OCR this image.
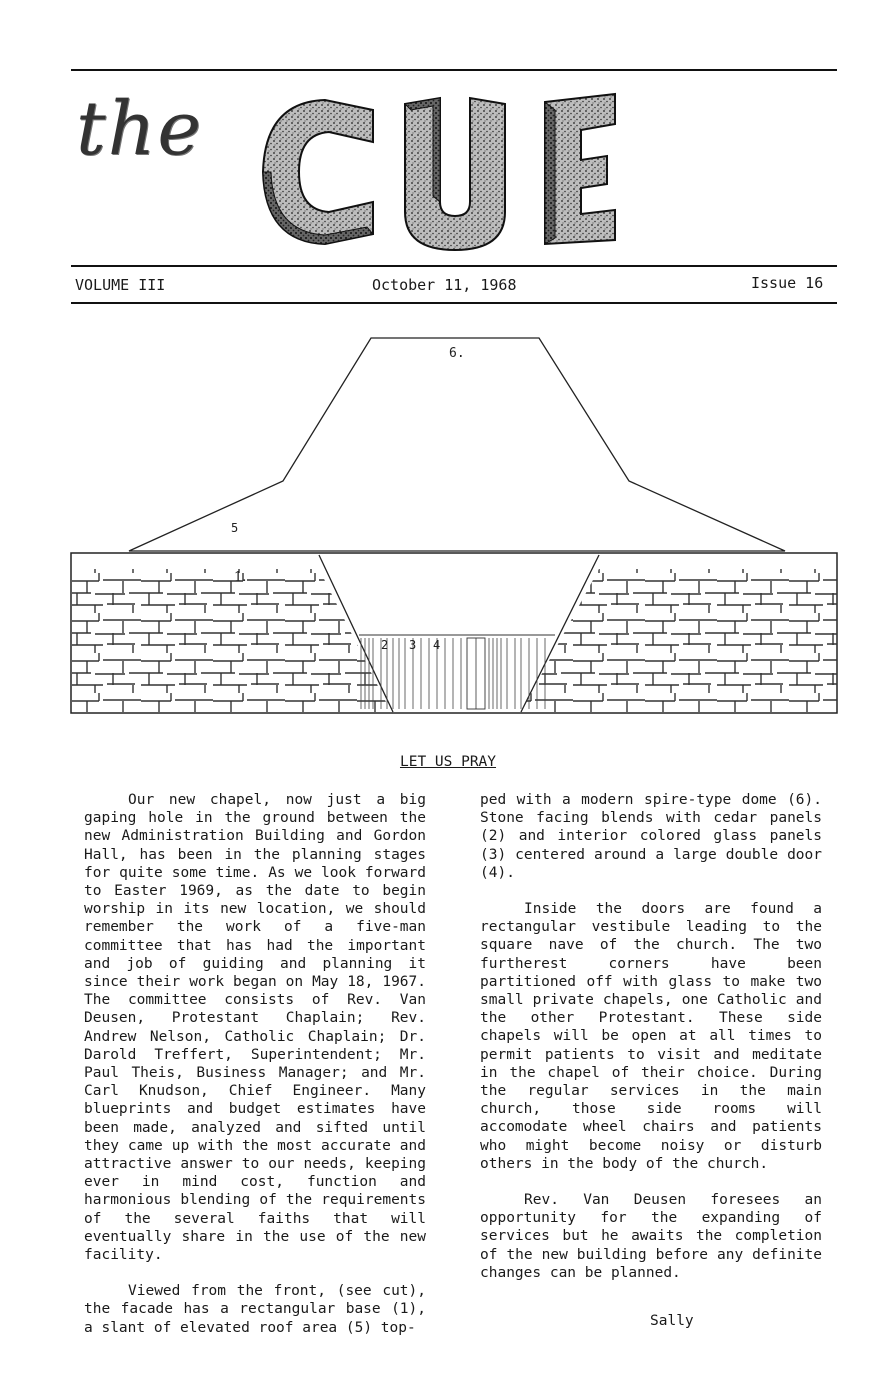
the	CUE
VOLUME III	October 11, 1968	Issue 16
1.
2 3 4
5
6.
LET US PRAY

Our new chapel, now just a big gaping hole in the ground between the new Administration Building and Gordon Hall, has been in the planning stages for quite some time. As we look forward to Easter 1969, as the date to begin worship in its new location, we should remember the work of a five-man committee that has had the important and job of guiding and planning it since their work began on May 18, 1967. The committee consists of Rev. Van Deusen, Protestant Chaplain; Rev. Andrew Nelson, Catholic Chaplain; Dr. Darold Treffert, Superintendent; Mr. Paul Theis, Business Manager; and Mr. Carl Knudson, Chief Engineer. Many blueprints and budget estimates have been made, analyzed and sifted until they came up with the most accurate and attractive answer to our needs, keeping ever in mind cost, function and harmonious blending of the requirements of the several faiths that will eventually share in the use of the new facility.

Viewed from the front, (see cut), the facade has a rectangular base (1), a slant of elevated roof area (5) top-

ped with a modern spire-type dome (6). Stone facing blends with cedar panels (2) and interior colored glass panels (3) centered around a large double door (4).

Inside the doors are found a rectangular vestibule leading to the square nave of the church. The two furtherest corners have been partitioned off with glass to make two small private chapels, one Catholic and the other Protestant. These side chapels will be open at all times to permit patients to visit and meditate in the chapel of their choice. During the regular services in the main church, those side rooms will accomodate wheel chairs and patients who might become noisy or disturb others in the body of the church.

Rev. Van Deusen foresees an opportunity for the expanding of services but he awaits the completion of the new building before any definite changes can be planned.

Sally
